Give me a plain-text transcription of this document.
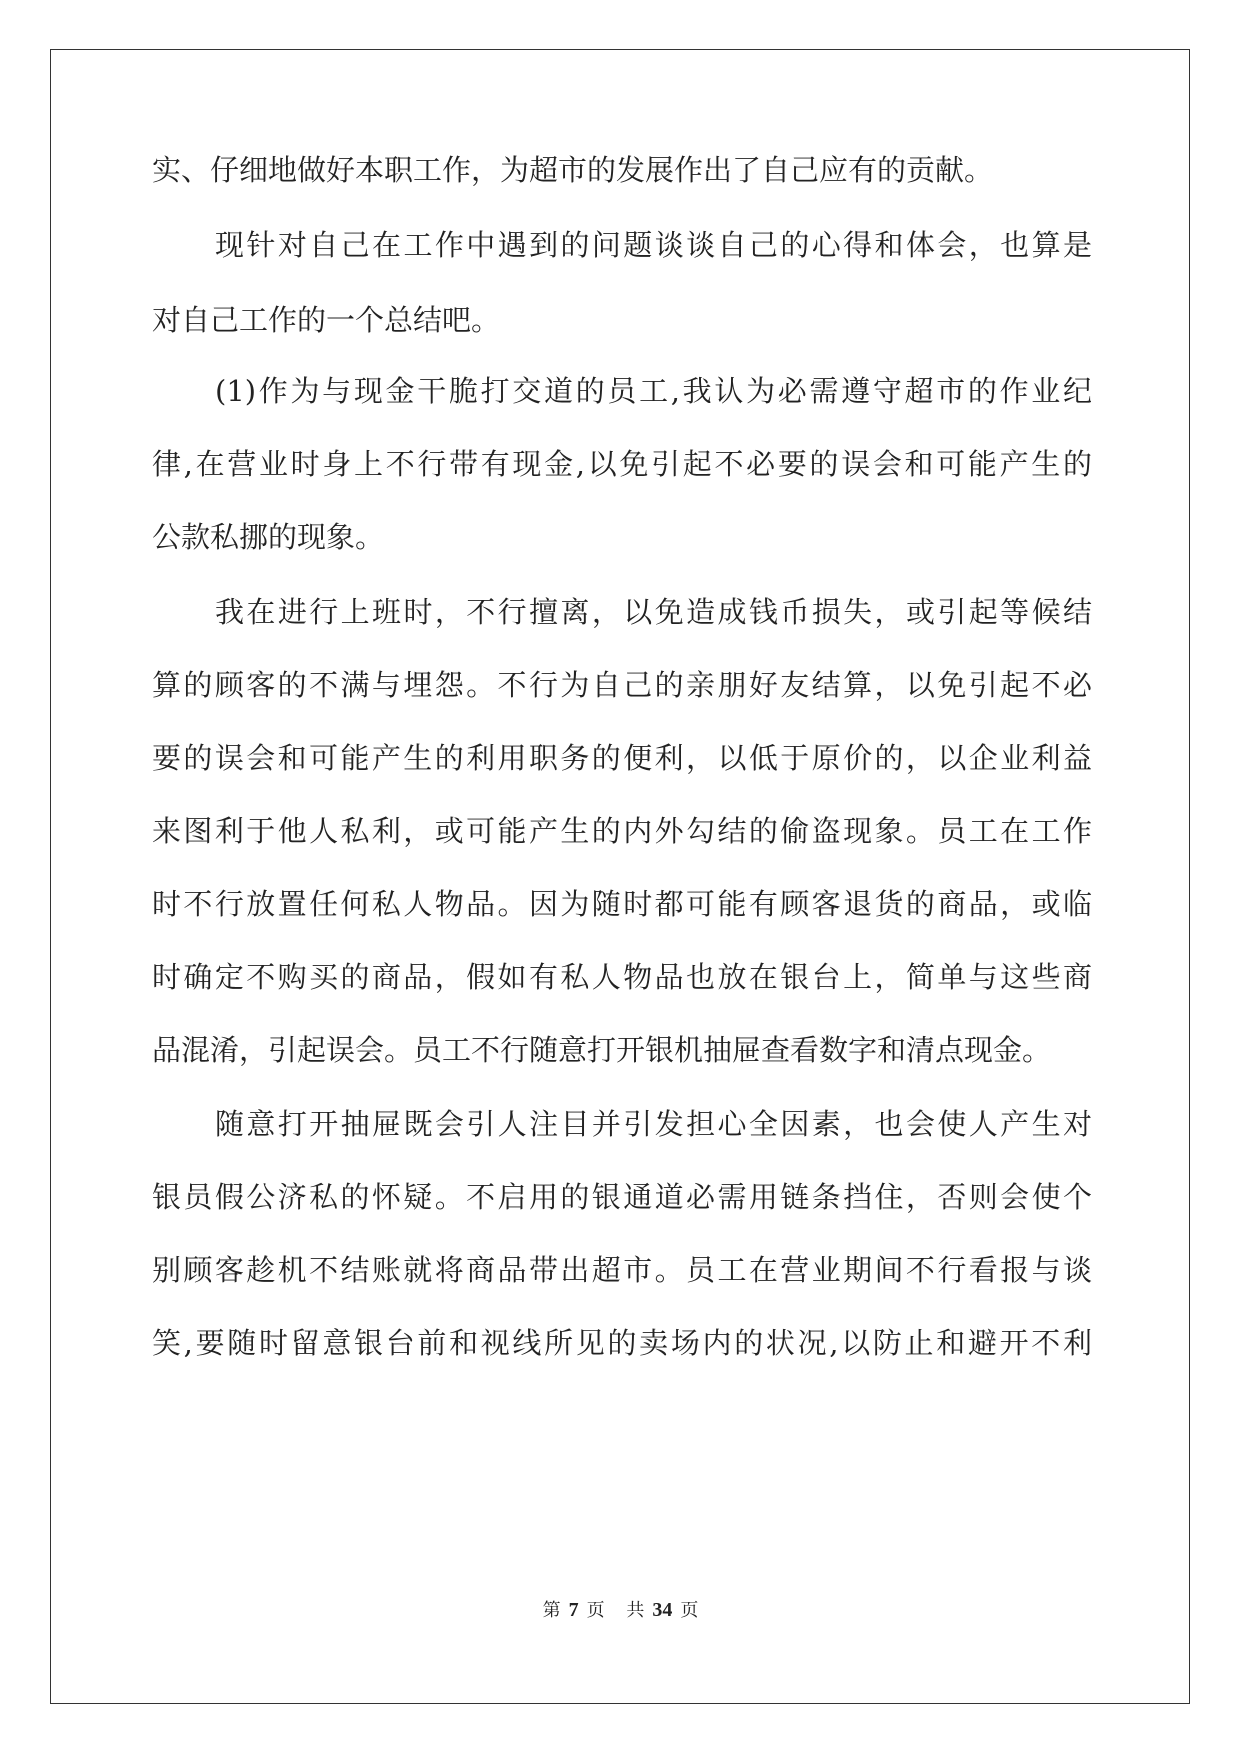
实、仔细地做好本职工作，为超市的发展作出了自己应有的贡献。

现针对自己在工作中遇到的问题谈谈自己的心得和体会，也算是

对自己工作的一个总结吧。

(1)作为与现金干脆打交道的员工,我认为必需遵守超市的作业纪

律,在营业时身上不行带有现金,以免引起不必要的误会和可能产生的

公款私挪的现象。

我在进行上班时，不行擅离，以免造成钱币损失，或引起等候结

算的顾客的不满与埋怨。不行为自己的亲朋好友结算，以免引起不必

要的误会和可能产生的利用职务的便利，以低于原价的，以企业利益

来图利于他人私利，或可能产生的内外勾结的偷盗现象。员工在工作

时不行放置任何私人物品。因为随时都可能有顾客退货的商品，或临

时确定不购买的商品，假如有私人物品也放在银台上，简单与这些商

品混淆，引起误会。员工不行随意打开银机抽屉查看数字和清点现金。

随意打开抽屉既会引人注目并引发担心全因素，也会使人产生对

银员假公济私的怀疑。不启用的银通道必需用链条挡住，否则会使个

别顾客趁机不结账就将商品带出超市。员工在营业期间不行看报与谈

笑,要随时留意银台前和视线所见的卖场内的状况,以防止和避开不利

第 7 页 共 34 页
